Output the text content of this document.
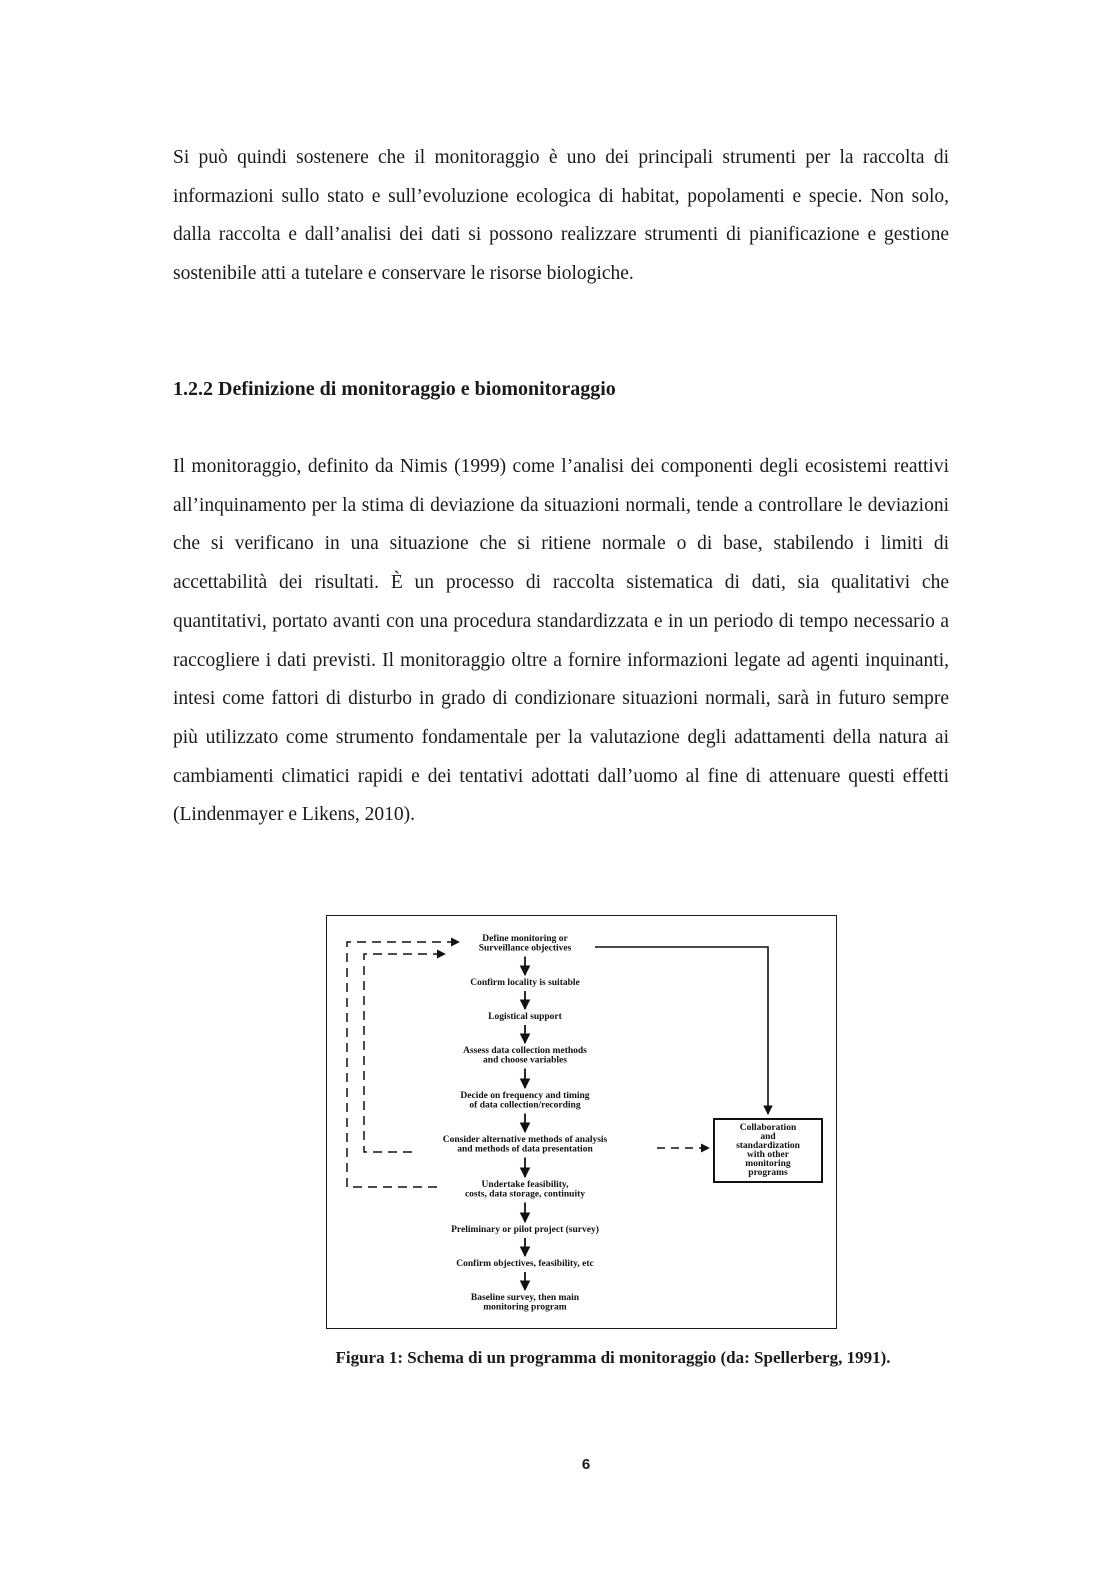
Si può quindi sostenere che il monitoraggio è uno dei principali strumenti per la raccolta di informazioni sullo stato e sull’evoluzione ecologica di habitat, popolamenti e specie. Non solo, dalla raccolta e dall’analisi dei dati si possono realizzare strumenti di pianificazione e gestione sostenibile atti a tutelare e conservare le risorse biologiche.

1.2.2 Definizione di monitoraggio e biomonitoraggio

Il monitoraggio, definito da Nimis (1999) come l’analisi dei componenti degli ecosistemi reattivi all’inquinamento per la stima di deviazione da situazioni normali, tende a controllare le deviazioni che si verificano in una situazione che si ritiene normale o di base, stabilendo i limiti di accettabilità dei risultati. È un processo di raccolta sistematica di dati, sia qualitativi che quantitativi, portato avanti con una procedura standardizzata e in un periodo di tempo necessario a raccogliere i dati previsti. Il monitoraggio oltre a fornire informazioni legate ad agenti inquinanti, intesi come fattori di disturbo in grado di condizionare situazioni normali, sarà in futuro sempre più utilizzato come strumento fondamentale per la valutazione degli adattamenti della natura ai cambiamenti climatici rapidi e dei tentativi adottati dall’uomo al fine di attenuare questi effetti (Lindenmayer e Likens, 2010).

Collaboration
and
standardization
with other
monitoring
programs
Define monitoring or
Surveillance objectives
Confirm locality is suitable
Logistical support
Assess data collection methods
and choose variables
Decide on frequency and timing
of data collection/recording
Consider alternative methods of analysis
and methods of data presentation
Undertake feasibility,
costs, data storage, continuity
Preliminary or pilot project (survey)
Confirm objectives, feasibility, etc
Baseline survey, then main
monitoring program

Figura 1: Schema di un programma di monitoraggio (da: Spellerberg, 1991).

6
